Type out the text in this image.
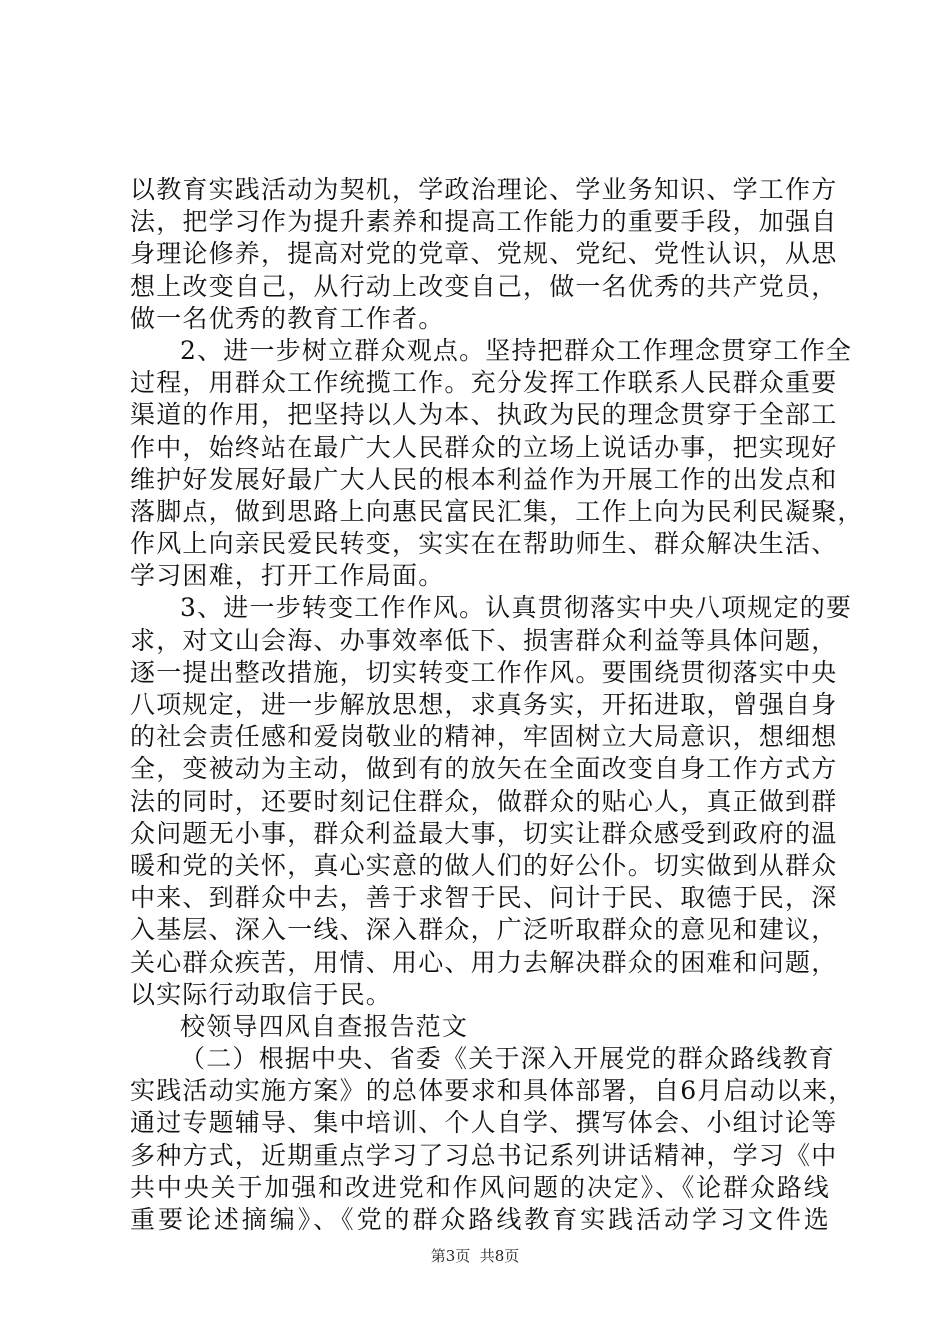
以教育实践活动为契机，学政治理论、学业务知识、学工作方
法，把学习作为提升素养和提高工作能力的重要手段，加强自
身理论修养，提高对党的党章、党规、党纪、党性认识，从思
想上改变自己，从行动上改变自己，做一名优秀的共产党员，
做一名优秀的教育工作者。
2、进一步树立群众观点。坚持把群众工作理念贯穿工作全
过程，用群众工作统揽工作。充分发挥工作联系人民群众重要
渠道的作用，把坚持以人为本、执政为民的理念贯穿于全部工
作中，始终站在最广大人民群众的立场上说话办事，把实现好
维护好发展好最广大人民的根本利益作为开展工作的出发点和
落脚点，做到思路上向惠民富民汇集，工作上向为民利民凝聚，
作风上向亲民爱民转变，实实在在帮助师生、群众解决生活、
学习困难，打开工作局面。
3、进一步转变工作作风。认真贯彻落实中央八项规定的要
求，对文山会海、办事效率低下、损害群众利益等具体问题，
逐一提出整改措施，切实转变工作作风。要围绕贯彻落实中央
八项规定，进一步解放思想，求真务实，开拓进取，曾强自身
的社会责任感和爱岗敬业的精神，牢固树立大局意识，想细想
全，变被动为主动，做到有的放矢在全面改变自身工作方式方
法的同时，还要时刻记住群众，做群众的贴心人，真正做到群
众问题无小事，群众利益最大事，切实让群众感受到政府的温
暖和党的关怀，真心实意的做人们的好公仆。切实做到从群众
中来、到群众中去，善于求智于民、问计于民、取德于民，深
入基层、深入一线、深入群众，广泛听取群众的意见和建议，
关心群众疾苦，用情、用心、用力去解决群众的困难和问题，
以实际行动取信于民。
校领导四风自查报告范文
（二）根据中央、省委《关于深入开展党的群众路线教育
实践活动实施方案》的总体要求和具体部署，自6月启动以来，
通过专题辅导、集中培训、个人自学、撰写体会、小组讨论等
多种方式，近期重点学习了习总书记系列讲话精神，学习《中
共中央关于加强和改进党和作风问题的决定》、《论群众路线
重要论述摘编》、《党的群众路线教育实践活动学习文件选
第3页  共8页
